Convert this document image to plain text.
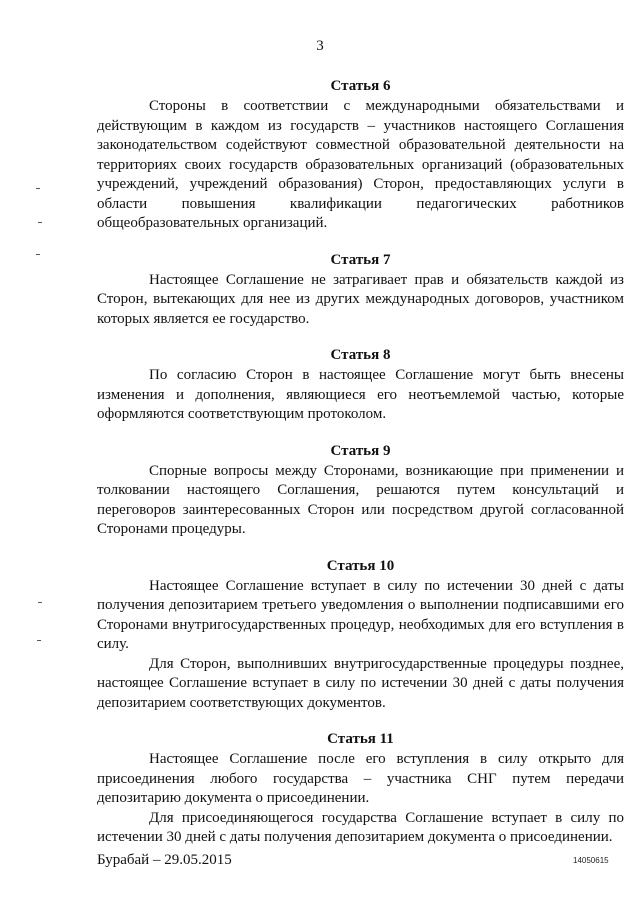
3

Статья 6

Стороны в соответствии с международными обязательствами и действующим в каждом из государств – участников настоящего Соглашения законодательством содействуют совместной образовательной деятельности на территориях своих государств образовательных организаций (образовательных учреждений, учреждений образования) Сторон, предоставляющих услуги в области повышения квалификации педагогических работников общеобразовательных организаций.

Статья 7

Настоящее Соглашение не затрагивает прав и обязательств каждой из Сторон, вытекающих для нее из других международных договоров, участником которых является ее государство.

Статья 8

По согласию Сторон в настоящее Соглашение могут быть внесены изменения и дополнения, являющиеся его неотъемлемой частью, которые оформляются соответствующим протоколом.

Статья 9

Спорные вопросы между Сторонами, возникающие при применении и толковании настоящего Соглашения, решаются путем консультаций и переговоров заинтересованных Сторон или посредством другой согласованной Сторонами процедуры.

Статья 10

Настоящее Соглашение вступает в силу по истечении 30 дней с даты получения депозитарием третьего уведомления о выполнении подписавшими его Сторонами внутригосударственных процедур, необходимых для его вступления в силу.

Для Сторон, выполнивших внутригосударственные процедуры позднее, настоящее Соглашение вступает в силу по истечении 30 дней с даты получения депозитарием соответствующих документов.

Статья 11

Настоящее Соглашение после его вступления в силу открыто для присоединения любого государства – участника СНГ путем передачи депозитарию документа о присоединении.

Для присоединяющегося государства Соглашение вступает в силу по истечении 30 дней с даты получения депозитарием документа о присоединении.

Бурабай – 29.05.2015	14050615
